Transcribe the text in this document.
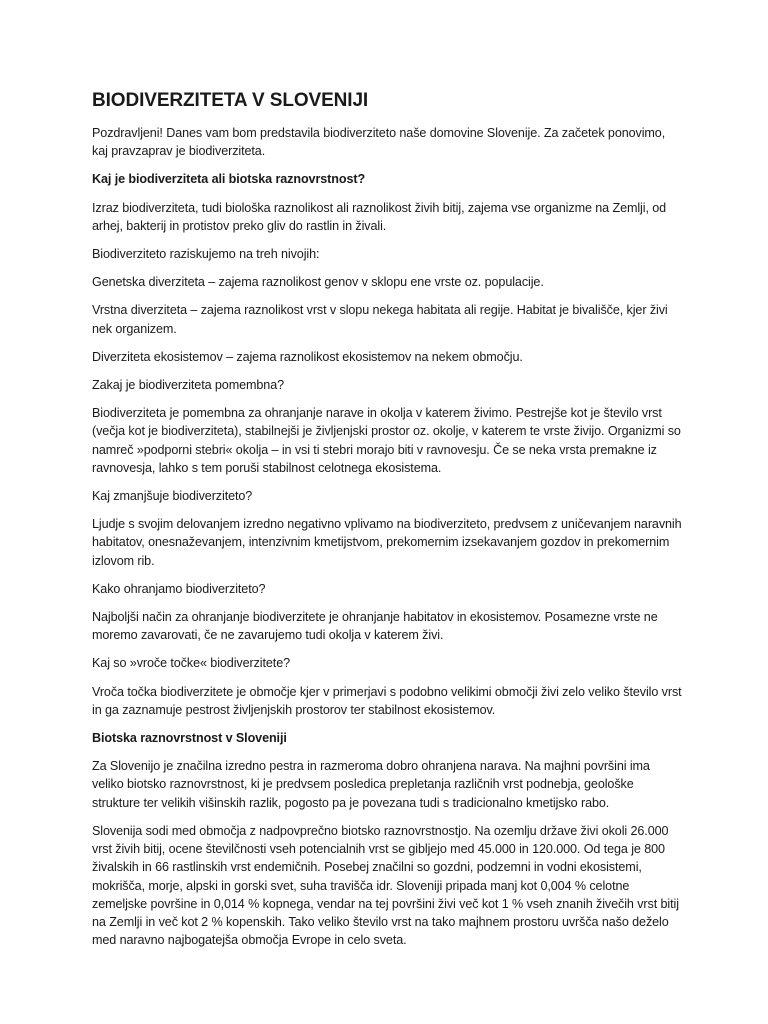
BIODIVERZITETA V SLOVENIJI

Pozdravljeni! Danes vam bom predstavila biodiverziteto naše domovine Slovenije. Za začetek ponovimo, kaj pravzaprav je biodiverziteta.

Kaj je biodiverziteta ali biotska raznovrstnost?

Izraz biodiverziteta, tudi biološka raznolikost ali raznolikost živih bitij, zajema vse organizme na Zemlji, od arhej, bakterij in protistov preko gliv do rastlin in živali.

Biodiverziteto raziskujemo na treh nivojih:

Genetska diverziteta – zajema raznolikost genov v sklopu ene vrste oz. populacije.

Vrstna diverziteta – zajema raznolikost vrst v slopu nekega habitata ali regije. Habitat je bivališče, kjer živi nek organizem.

Diverziteta ekosistemov – zajema raznolikost ekosistemov na nekem območju.

Zakaj je biodiverziteta pomembna?

Biodiverziteta je pomembna za ohranjanje narave in okolja v katerem živimo. Pestrejše kot je število vrst (večja kot je biodiverziteta), stabilnejši je življenjski prostor oz. okolje, v katerem te vrste živijo. Organizmi so namreč »podporni stebri« okolja – in vsi ti stebri morajo biti v ravnovesju. Če se neka vrsta premakne iz ravnovesja, lahko s tem poruši stabilnost celotnega ekosistema.

Kaj zmanjšuje biodiverziteto?

Ljudje s svojim delovanjem izredno negativno vplivamo na biodiverziteto, predvsem z uničevanjem naravnih habitatov, onesnaževanjem, intenzivnim kmetijstvom, prekomernim izsekavanjem gozdov in prekomernim izlovom rib.

Kako ohranjamo biodiverziteto?

Najboljši način za ohranjanje biodiverzitete je ohranjanje habitatov in ekosistemov. Posamezne vrste ne moremo zavarovati, če ne zavarujemo tudi okolja v katerem živi.

Kaj so »vroče točke« biodiverzitete?

Vroča točka biodiverzitete je območje kjer v primerjavi s podobno velikimi območji živi zelo veliko število vrst in ga zaznamuje pestrost življenjskih prostorov ter stabilnost ekosistemov.

Biotska raznovrstnost v Sloveniji

Za Slovenijo je značilna izredno pestra in razmeroma dobro ohranjena narava. Na majhni površini ima veliko biotsko raznovrstnost, ki je predvsem posledica prepletanja različnih vrst podnebja, geološke strukture ter velikih višinskih razlik, pogosto pa je povezana tudi s tradicionalno kmetijsko rabo.

Slovenija sodi med območja z nadpovprečno biotsko raznovrstnostjo. Na ozemlju države živi okoli 26.000 vrst živih bitij, ocene številčnosti vseh potencialnih vrst se gibljejo med 45.000 in 120.000. Od tega je 800 živalskih in 66 rastlinskih vrst endemičnih. Posebej značilni so gozdni, podzemni in vodni ekosistemi, mokrišča, morje, alpski in gorski svet, suha travišča idr. Sloveniji pripada manj kot 0,004 % celotne zemeljske površine in 0,014 % kopnega, vendar na tej površini živi več kot 1 % vseh znanih živečih vrst bitij na Zemlji in več kot 2 % kopenskih. Tako veliko število vrst na tako majhnem prostoru uvršča našo deželo med naravno najbogatejša območja Evrope in celo sveta.
